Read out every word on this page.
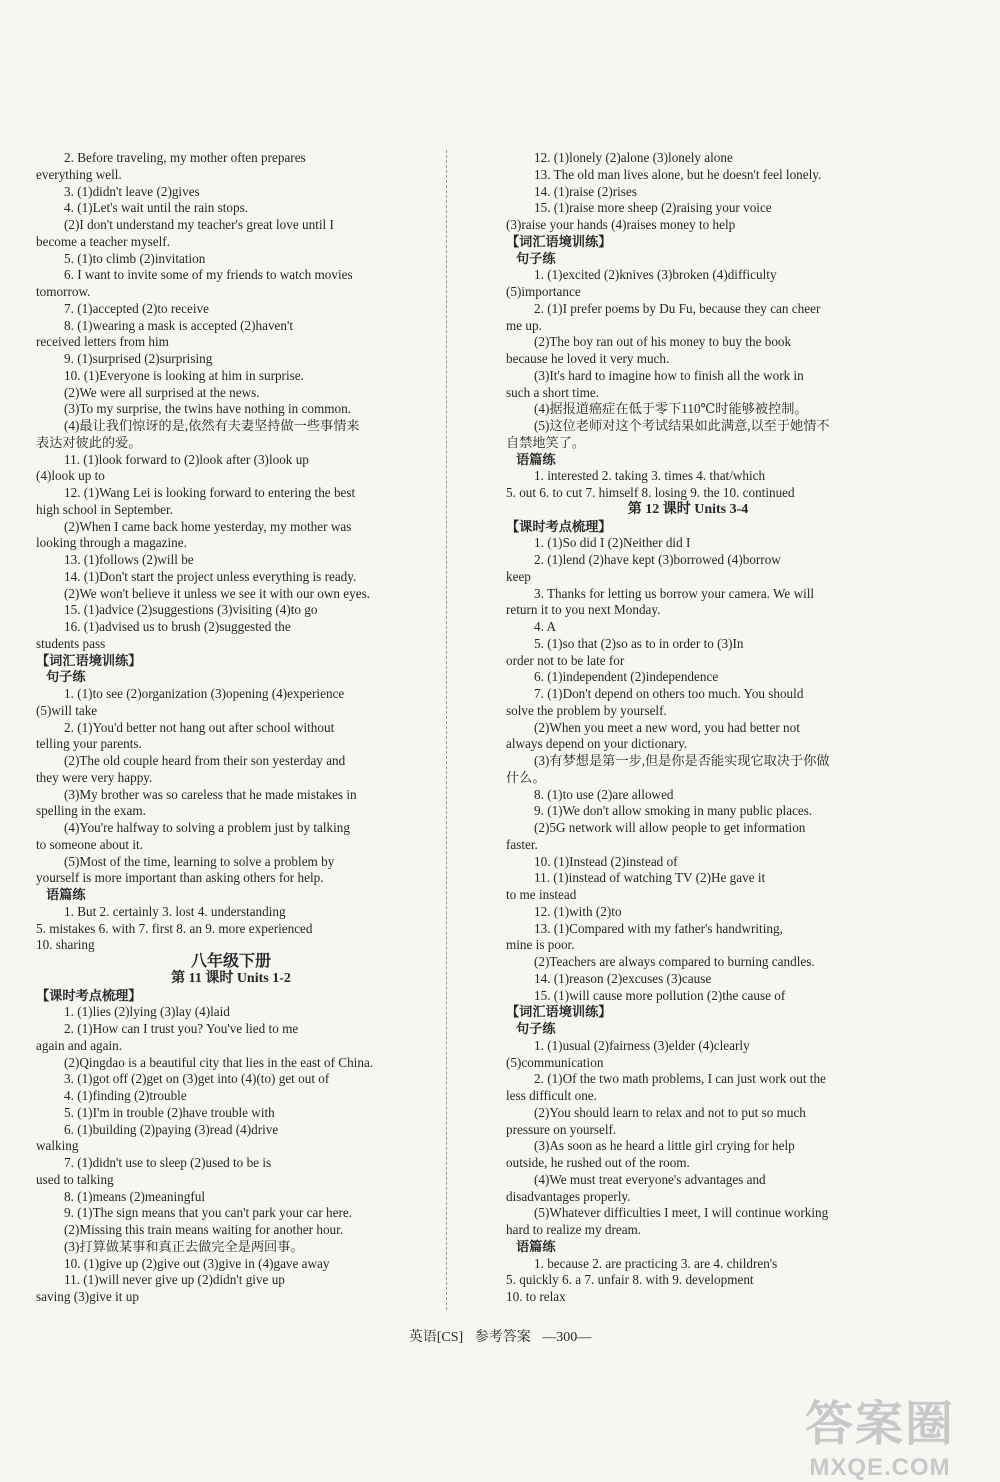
2. Before traveling, my mother often prepares
everything well.
3. (1)didn't leave (2)gives
4. (1)Let's wait until the rain stops.
(2)I don't understand my teacher's great love until I
become a teacher myself.
5. (1)to climb (2)invitation
6. I want to invite some of my friends to watch movies
tomorrow.
7. (1)accepted (2)to receive
8. (1)wearing a mask is accepted (2)haven't
received letters from him
9. (1)surprised (2)surprising
10. (1)Everyone is looking at him in surprise.
(2)We were all surprised at the news.
(3)To my surprise, the twins have nothing in common.
(4)最让我们惊讶的是,依然有夫妻坚持做一些事情来
表达对彼此的爱。
11. (1)look forward to (2)look after (3)look up
(4)look up to
12. (1)Wang Lei is looking forward to entering the best
high school in September.
(2)When I came back home yesterday, my mother was
looking through a magazine.
13. (1)follows (2)will be
14. (1)Don't start the project unless everything is ready.
(2)We won't believe it unless we see it with our own eyes.
15. (1)advice (2)suggestions (3)visiting (4)to go
16. (1)advised us to brush (2)suggested the
students pass
【词汇语境训练】
句子练
1. (1)to see (2)organization (3)opening (4)experience
(5)will take
2. (1)You'd better not hang out after school without
telling your parents.
(2)The old couple heard from their son yesterday and
they were very happy.
(3)My brother was so careless that he made mistakes in
spelling in the exam.
(4)You're halfway to solving a problem just by talking
to someone about it.
(5)Most of the time, learning to solve a problem by
yourself is more important than asking others for help.
语篇练
1. But 2. certainly 3. lost 4. understanding
5. mistakes 6. with 7. first 8. an 9. more experienced
10. sharing
八年级下册
第 11 课时 Units 1-2
【课时考点梳理】
1. (1)lies (2)lying (3)lay (4)laid
2. (1)How can I trust you? You've lied to me
again and again.
(2)Qingdao is a beautiful city that lies in the east of China.
3. (1)got off (2)get on (3)get into (4)(to) get out of
4. (1)finding (2)trouble
5. (1)I'm in trouble (2)have trouble with
6. (1)building (2)paying (3)read (4)drive
walking
7. (1)didn't use to sleep (2)used to be is
used to talking
8. (1)means (2)meaningful
9. (1)The sign means that you can't park your car here.
(2)Missing this train means waiting for another hour.
(3)打算做某事和真正去做完全是两回事。
10. (1)give up (2)give out (3)give in (4)gave away
11. (1)will never give up (2)didn't give up
saving (3)give it up
12. (1)lonely (2)alone (3)lonely alone
13. The old man lives alone, but he doesn't feel lonely.
14. (1)raise (2)rises
15. (1)raise more sheep (2)raising your voice
(3)raise your hands (4)raises money to help
【词汇语境训练】
句子练
1. (1)excited (2)knives (3)broken (4)difficulty
(5)importance
2. (1)I prefer poems by Du Fu, because they can cheer
me up.
(2)The boy ran out of his money to buy the book
because he loved it very much.
(3)It's hard to imagine how to finish all the work in
such a short time.
(4)据报道癌症在低于零下110℃时能够被控制。
(5)这位老师对这个考试结果如此满意,以至于她情不
自禁地笑了。
语篇练
1. interested 2. taking 3. times 4. that/which
5. out 6. to cut 7. himself 8. losing 9. the 10. continued
第 12 课时 Units 3-4
【课时考点梳理】
1. (1)So did I (2)Neither did I
2. (1)lend (2)have kept (3)borrowed (4)borrow
keep
3. Thanks for letting us borrow your camera. We will
return it to you next Monday.
4. A
5. (1)so that (2)so as to in order to (3)In
order not to be late for
6. (1)independent (2)independence
7. (1)Don't depend on others too much. You should
solve the problem by yourself.
(2)When you meet a new word, you had better not
always depend on your dictionary.
(3)有梦想是第一步,但是你是否能实现它取决于你做
什么。
8. (1)to use (2)are allowed
9. (1)We don't allow smoking in many public places.
(2)5G network will allow people to get information
faster.
10. (1)Instead (2)instead of
11. (1)instead of watching TV (2)He gave it
to me instead
12. (1)with (2)to
13. (1)Compared with my father's handwriting,
mine is poor.
(2)Teachers are always compared to burning candles.
14. (1)reason (2)excuses (3)cause
15. (1)will cause more pollution (2)the cause of
【词汇语境训练】
句子练
1. (1)usual (2)fairness (3)elder (4)clearly
(5)communication
2. (1)Of the two math problems, I can just work out the
less difficult one.
(2)You should learn to relax and not to put so much
pressure on yourself.
(3)As soon as he heard a little girl crying for help
outside, he rushed out of the room.
(4)We must treat everyone's advantages and
disadvantages properly.
(5)Whatever difficulties I meet, I will continue working
hard to realize my dream.
语篇练
1. because 2. are practicing 3. are 4. children's
5. quickly 6. a 7. unfair 8. with 9. development
10. to relax
英语[CS] 参考答案 —300—
答案圈
MXQE.COM
